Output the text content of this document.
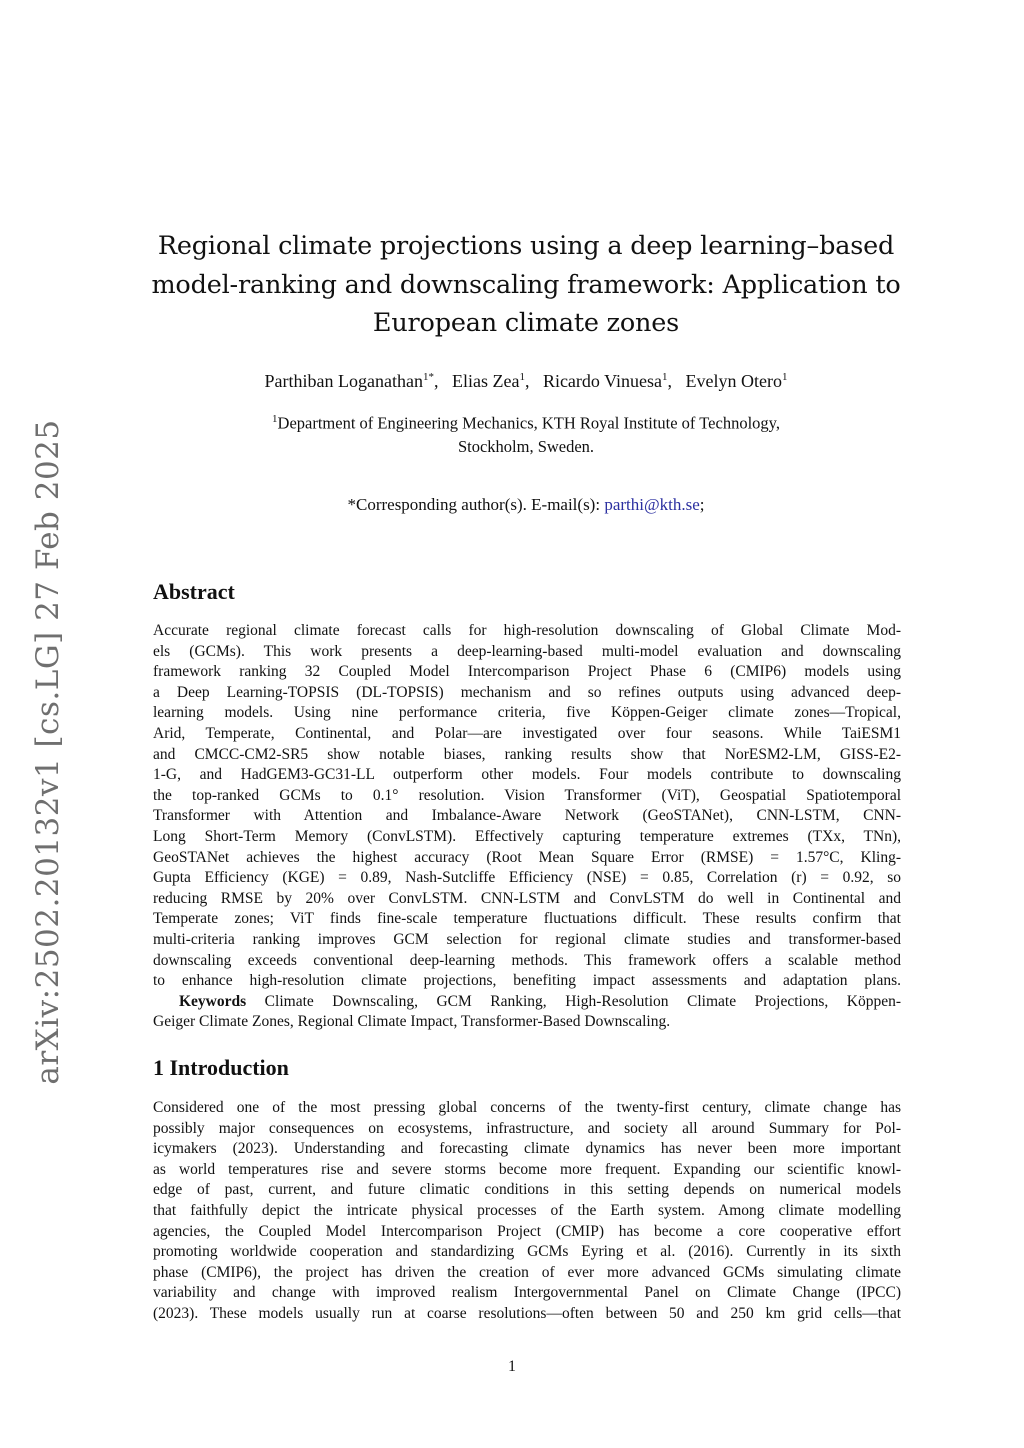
arXiv:2502.20132v1 [cs.LG] 27 Feb 2025
Regional climate projections using a deep learning–based
model-ranking and downscaling framework: Application to
European climate zones
Parthiban Loganathan$^{1*}$,   Elias Zea$^1$,   Ricardo Vinuesa$^1$,   Evelyn Otero$^1$
$^1$Department of Engineering Mechanics, KTH Royal Institute of Technology,
Stockholm, Sweden.
*Corresponding author(s). E-mail(s): parthi@kth.se;
Abstract
Accurate regional climate forecast calls for high-resolution downscaling of Global Climate Mod-
els (GCMs). This work presents a deep-learning-based multi-model evaluation and downscaling
framework ranking 32 Coupled Model Intercomparison Project Phase 6 (CMIP6) models using
a Deep Learning-TOPSIS (DL-TOPSIS) mechanism and so refines outputs using advanced deep-
learning models. Using nine performance criteria, five Köppen-Geiger climate zones—Tropical,
Arid, Temperate, Continental, and Polar—are investigated over four seasons. While TaiESM1
and CMCC-CM2-SR5 show notable biases, ranking results show that NorESM2-LM, GISS-E2-
1-G, and HadGEM3-GC31-LL outperform other models. Four models contribute to downscaling
the top-ranked GCMs to 0.1° resolution. Vision Transformer (ViT), Geospatial Spatiotemporal
Transformer with Attention and Imbalance-Aware Network (GeoSTANet), CNN-LSTM, CNN-
Long Short-Term Memory (ConvLSTM). Effectively capturing temperature extremes (TXx, TNn),
GeoSTANet achieves the highest accuracy (Root Mean Square Error (RMSE) = 1.57°C, Kling-
Gupta Efficiency (KGE) = 0.89, Nash-Sutcliffe Efficiency (NSE) = 0.85, Correlation (r) = 0.92, so
reducing RMSE by 20% over ConvLSTM. CNN-LSTM and ConvLSTM do well in Continental and
Temperate zones; ViT finds fine-scale temperature fluctuations difficult. These results confirm that
multi-criteria ranking improves GCM selection for regional climate studies and transformer-based
downscaling exceeds conventional deep-learning methods. This framework offers a scalable method
to enhance high-resolution climate projections, benefiting impact assessments and adaptation plans.
Keywords Climate Downscaling, GCM Ranking, High-Resolution Climate Projections, Köppen-
Geiger Climate Zones, Regional Climate Impact, Transformer-Based Downscaling.
1 Introduction
Considered one of the most pressing global concerns of the twenty-first century, climate change has
possibly major consequences on ecosystems, infrastructure, and society all around Summary for Pol-
icymakers (2023). Understanding and forecasting climate dynamics has never been more important
as world temperatures rise and severe storms become more frequent. Expanding our scientific knowl-
edge of past, current, and future climatic conditions in this setting depends on numerical models
that faithfully depict the intricate physical processes of the Earth system. Among climate modelling
agencies, the Coupled Model Intercomparison Project (CMIP) has become a core cooperative effort
promoting worldwide cooperation and standardizing GCMs Eyring et al. (2016). Currently in its sixth
phase (CMIP6), the project has driven the creation of ever more advanced GCMs simulating climate
variability and change with improved realism Intergovernmental Panel on Climate Change (IPCC)
(2023). These models usually run at coarse resolutions—often between 50 and 250 km grid cells—that
1
